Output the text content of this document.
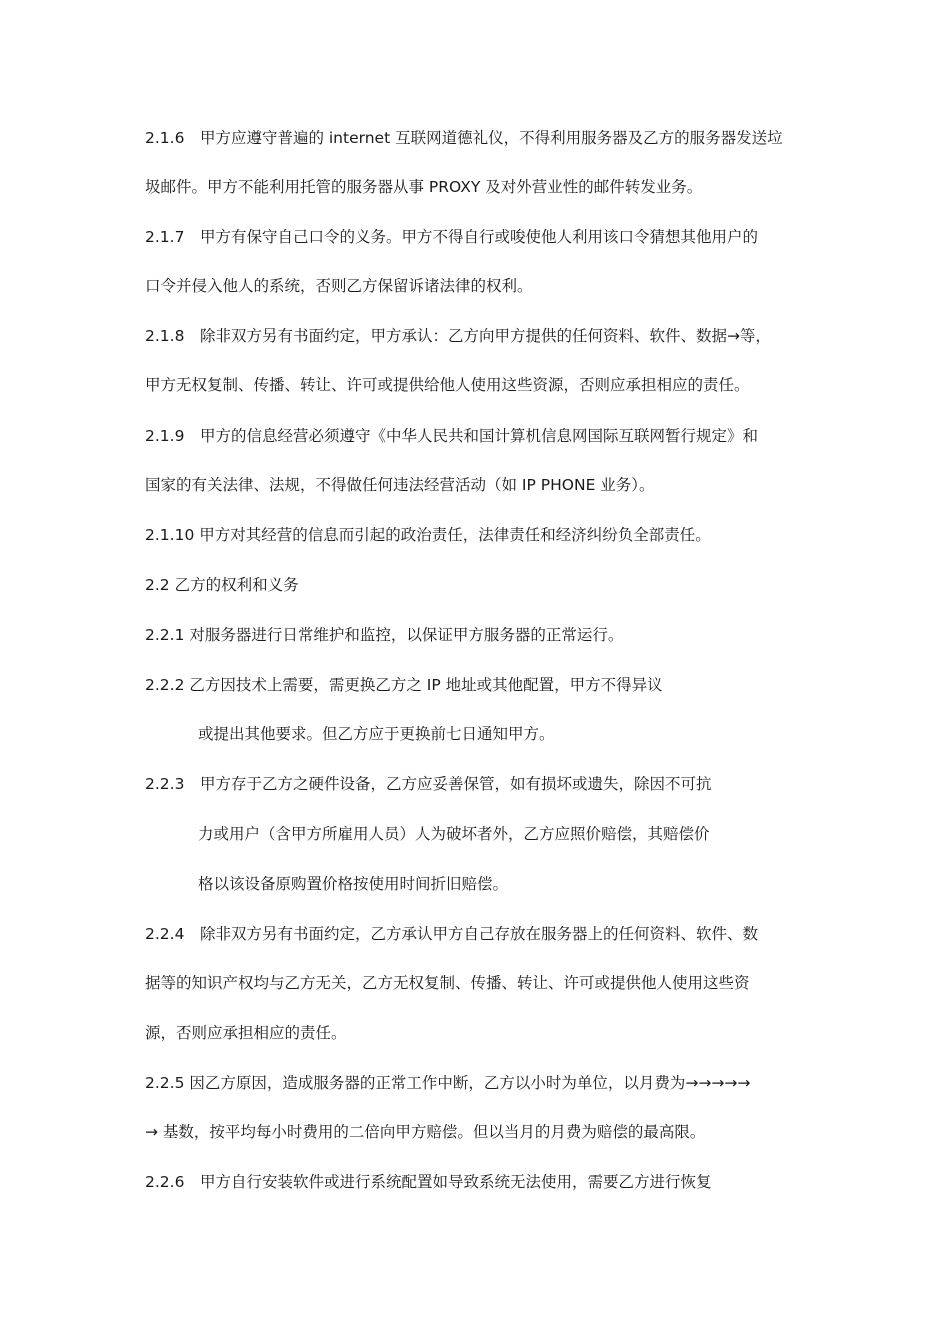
2.1.6　甲方应遵守普遍的 internet 互联网道德礼仪，不得利用服务器及乙方的服务器发送垃
圾邮件。甲方不能利用托管的服务器从事 PROXY 及对外营业性的邮件转发业务。
2.1.7　甲方有保守自己口令的义务。甲方不得自行或唆使他人利用该口令猜想其他用户的
口令并侵入他人的系统，否则乙方保留诉诸法律的权利。
2.1.8　除非双方另有书面约定，甲方承认：乙方向甲方提供的任何资料、软件、数据→等，
甲方无权复制、传播、转让、许可或提供给他人使用这些资源，否则应承担相应的责任。
2.1.9　甲方的信息经营必须遵守《中华人民共和国计算机信息网国际互联网暂行规定》和
国家的有关法律、法规，不得做任何违法经营活动（如 IP PHONE 业务）。
2.1.10 甲方对其经营的信息而引起的政治责任，法律责任和经济纠纷负全部责任。
2.2 乙方的权利和义务
2.2.1 对服务器进行日常维护和监控，以保证甲方服务器的正常运行。
2.2.2 乙方因技术上需要，需更换乙方之 IP 地址或其他配置，甲方不得异议
或提出其他要求。但乙方应于更换前七日通知甲方。
2.2.3　甲方存于乙方之硬件设备，乙方应妥善保管，如有损坏或遗失，除因不可抗
力或用户（含甲方所雇用人员）人为破坏者外，乙方应照价赔偿，其赔偿价
格以该设备原购置价格按使用时间折旧赔偿。
2.2.4　除非双方另有书面约定，乙方承认甲方自己存放在服务器上的任何资料、软件、数
据等的知识产权均与乙方无关，乙方无权复制、传播、转让、许可或提供他人使用这些资
源，否则应承担相应的责任。
2.2.5 因乙方原因，造成服务器的正常工作中断，乙方以小时为单位，以月费为→→→→→
→ 基数，按平均每小时费用的二倍向甲方赔偿。但以当月的月费为赔偿的最高限。
2.2.6　甲方自行安装软件或进行系统配置如导致系统无法使用，需要乙方进行恢复
